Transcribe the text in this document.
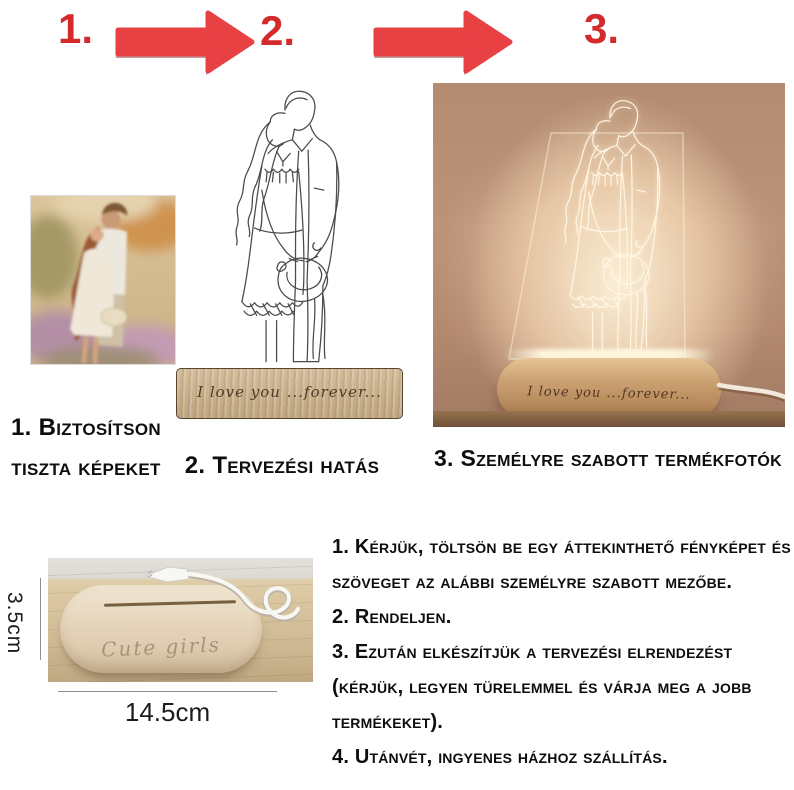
1.	2.	3.
I love you ...forever...	I love you ...forever...
1. Biztosítson tiszta képeket	2. Tervezési hatás	3. Személyre szabott termékfotók
Cute girls
3.5cm
14.5cm

1. Kérjük, töltsön be egy áttekinthető fényképet és szöveget az alábbi személyre szabott mezőbe.

2. Rendeljen.

3. Ezután elkészítjük a tervezési elrendezést (kérjük, legyen türelemmel és várja meg a jobb termékeket).

4. Utánvét, ingyenes házhoz szállítás.
